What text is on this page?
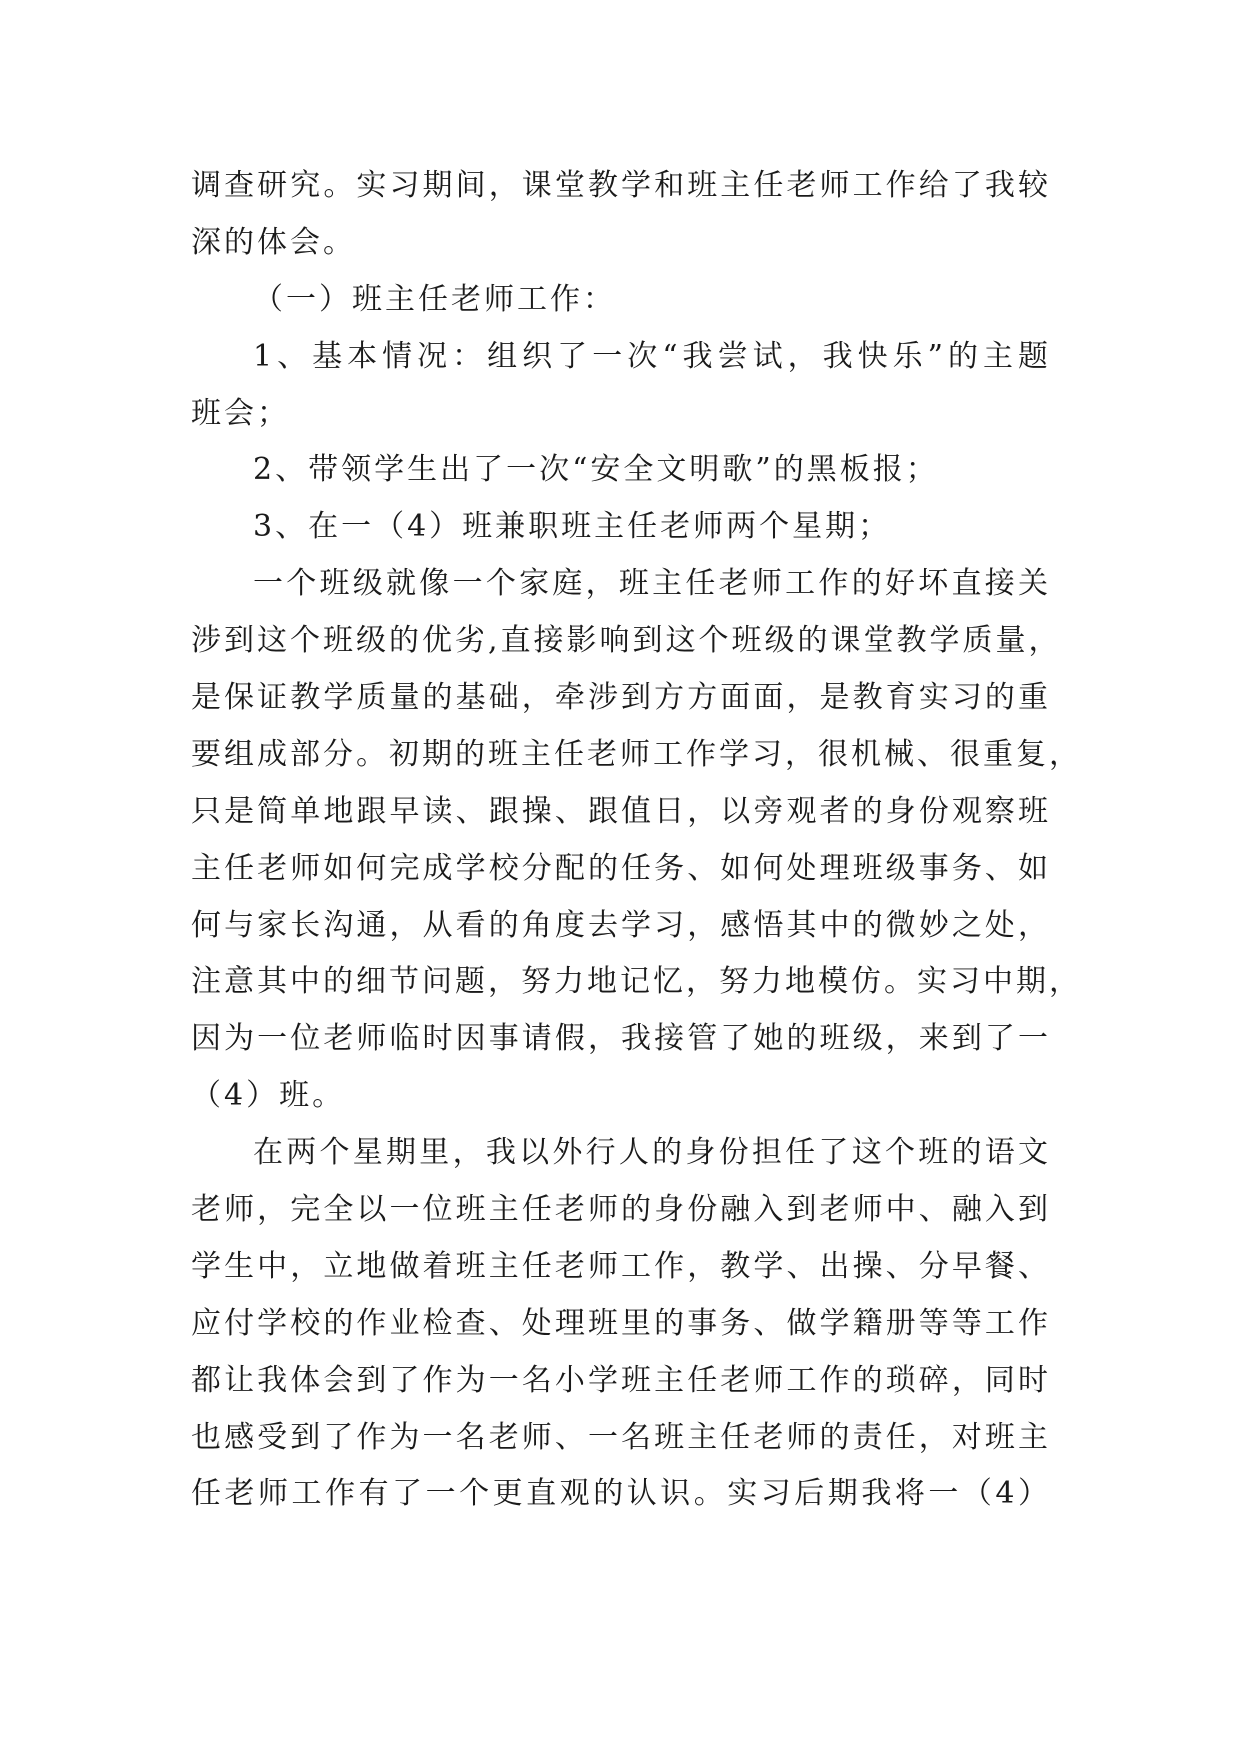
调查研究。实习期间，课堂教学和班主任老师工作给了我较
深的体会。
（一）班主任老师工作：
1、基本情况：组织了一次“我尝试，我快乐”的主题
班会；
2、带领学生出了一次“安全文明歌”的黑板报；
3、在一（4）班兼职班主任老师两个星期；
一个班级就像一个家庭，班主任老师工作的好坏直接关
涉到这个班级的优劣,直接影响到这个班级的课堂教学质量，
是保证教学质量的基础，牵涉到方方面面，是教育实习的重
要组成部分。初期的班主任老师工作学习，很机械、很重复，
只是简单地跟早读、跟操、跟值日，以旁观者的身份观察班
主任老师如何完成学校分配的任务、如何处理班级事务、如
何与家长沟通，从看的角度去学习，感悟其中的微妙之处，
注意其中的细节问题，努力地记忆，努力地模仿。实习中期，
因为一位老师临时因事请假，我接管了她的班级，来到了一
（4）班。
在两个星期里，我以外行人的身份担任了这个班的语文
老师，完全以一位班主任老师的身份融入到老师中、融入到
学生中，立地做着班主任老师工作，教学、出操、分早餐、
应付学校的作业检查、处理班里的事务、做学籍册等等工作
都让我体会到了作为一名小学班主任老师工作的琐碎，同时
也感受到了作为一名老师、一名班主任老师的责任，对班主
任老师工作有了一个更直观的认识。实习后期我将一（4）
